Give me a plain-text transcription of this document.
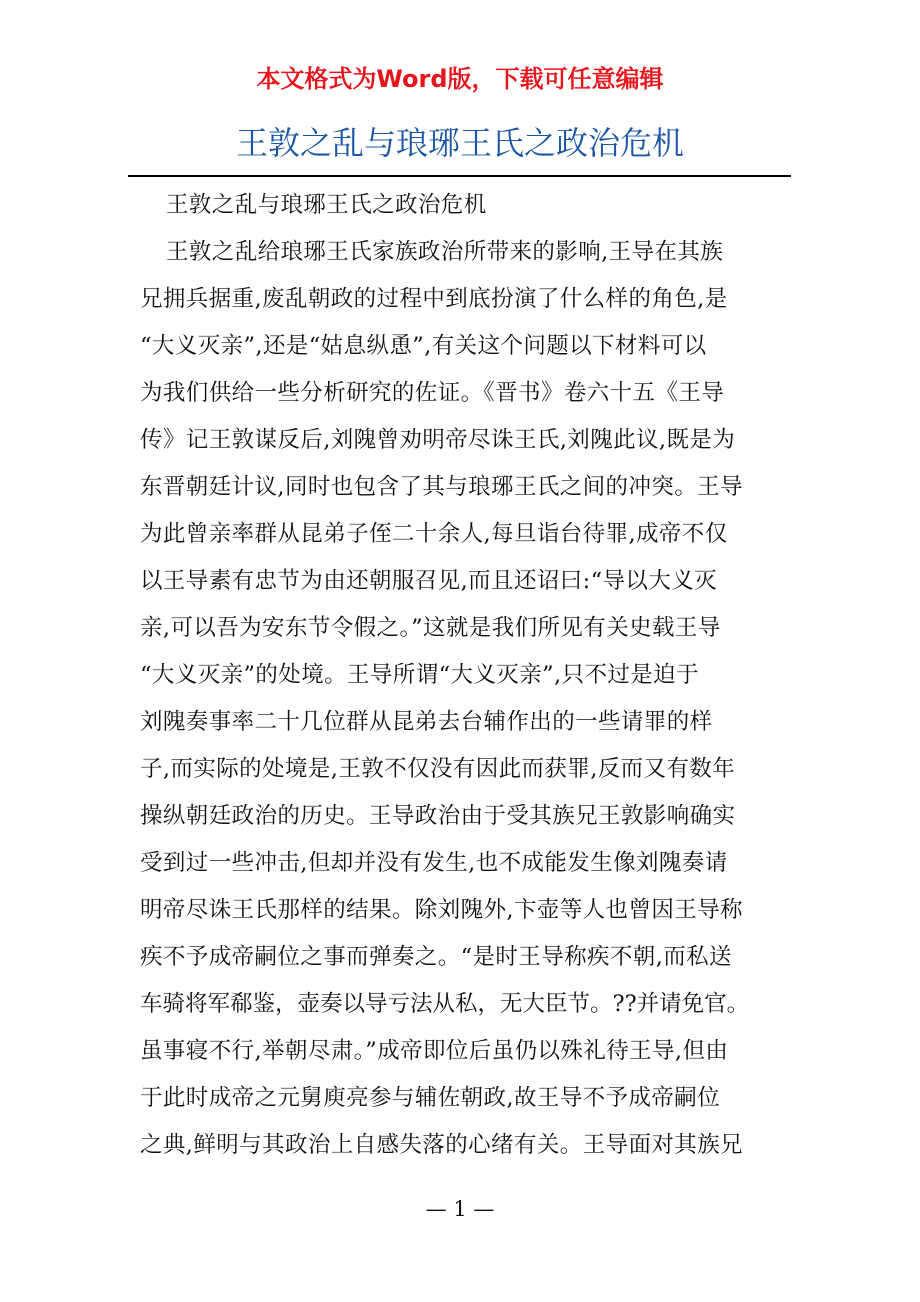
本文格式为Word版，下载可任意编辑
王敦之乱与琅琊王氏之政治危机
王敦之乱与琅琊王氏之政治危机
王敦之乱给琅琊王氏家族政治所带来的影响,王导在其族
兄拥兵据重,废乱朝政的过程中到底扮演了什么样的角色,是
“大义灭亲”,还是“姑息纵恿”,有关这个问题以下材料可以
为我们供给一些分析研究的佐证。《晋书》卷六十五《王导
传》记王敦谋反后,刘隗曾劝明帝尽诛王氏,刘隗此议,既是为
东晋朝廷计议,同时也包含了其与琅琊王氏之间的冲突。王导
为此曾亲率群从昆弟子侄二十余人,每旦诣台待罪,成帝不仅
以王导素有忠节为由还朝服召见,而且还诏曰:“导以大义灭
亲,可以吾为安东节令假之。”这就是我们所见有关史载王导
“大义灭亲”的处境。王导所谓“大义灭亲”,只不过是迫于
刘隗奏事率二十几位群从昆弟去台辅作出的一些请罪的样
子,而实际的处境是,王敦不仅没有因此而获罪,反而又有数年
操纵朝廷政治的历史。王导政治由于受其族兄王敦影响确实
受到过一些冲击,但却并没有发生,也不成能发生像刘隗奏请
明帝尽诛王氏那样的结果。除刘隗外,卞壶等人也曾因王导称
疾不予成帝嗣位之事而弹奏之。“是时王导称疾不朝,而私送
车骑将军郗鉴，壶奏以导亏法从私，无大臣节。??并请免官。
虽事寝不行,举朝尽肃。”成帝即位后虽仍以殊礼待王导,但由
于此时成帝之元舅庾亮参与辅佐朝政,故王导不予成帝嗣位
之典,鲜明与其政治上自感失落的心绪有关。王导面对其族兄
— 1 —
